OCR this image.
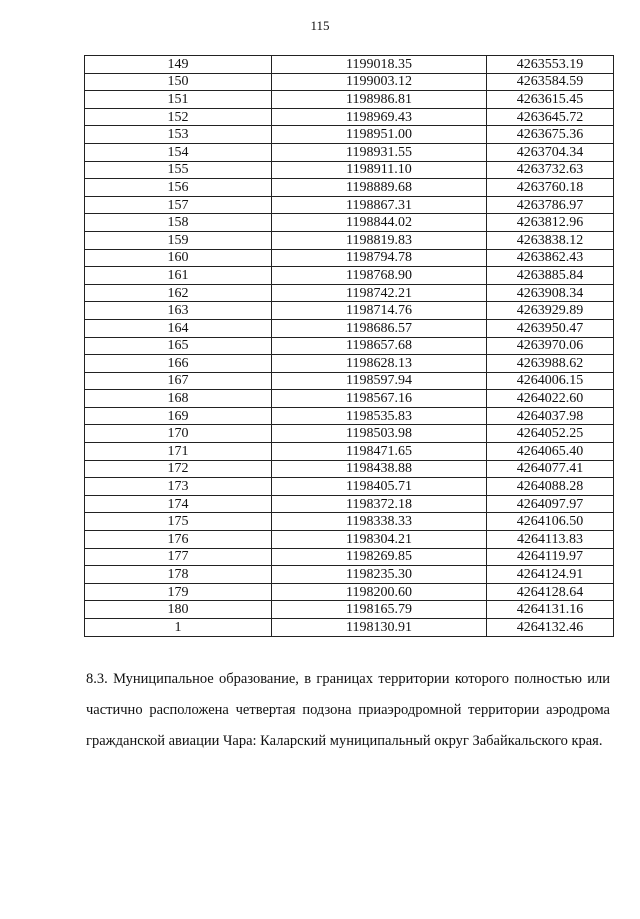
115
149	1199018.35	4263553.19
150	1199003.12	4263584.59
151	1198986.81	4263615.45
152	1198969.43	4263645.72
153	1198951.00	4263675.36
154	1198931.55	4263704.34
155	1198911.10	4263732.63
156	1198889.68	4263760.18
157	1198867.31	4263786.97
158	1198844.02	4263812.96
159	1198819.83	4263838.12
160	1198794.78	4263862.43
161	1198768.90	4263885.84
162	1198742.21	4263908.34
163	1198714.76	4263929.89
164	1198686.57	4263950.47
165	1198657.68	4263970.06
166	1198628.13	4263988.62
167	1198597.94	4264006.15
168	1198567.16	4264022.60
169	1198535.83	4264037.98
170	1198503.98	4264052.25
171	1198471.65	4264065.40
172	1198438.88	4264077.41
173	1198405.71	4264088.28
174	1198372.18	4264097.97
175	1198338.33	4264106.50
176	1198304.21	4264113.83
177	1198269.85	4264119.97
178	1198235.30	4264124.91
179	1198200.60	4264128.64
180	1198165.79	4264131.16
1	1198130.91	4264132.46
8.3. Муниципальное образование, в границах территории которого полностью или частично расположена четвертая подзона приаэродромной территории аэродрома гражданской авиации Чара: Каларский муниципальный округ Забайкальского края.
